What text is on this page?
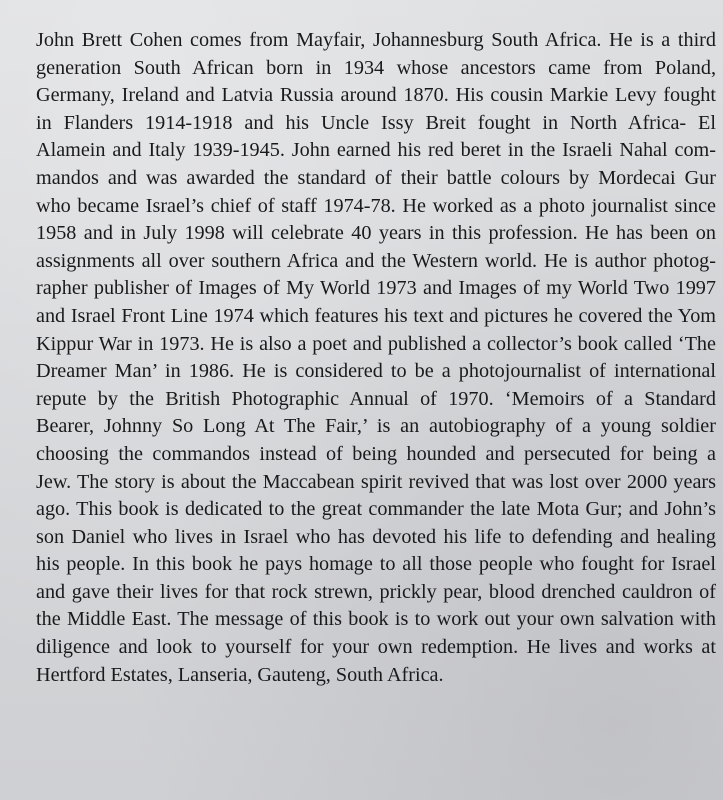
John Brett Cohen comes from Mayfair, Johannesburg South Africa. He is a third
generation South African born in 1934 whose ancestors came from Poland,
Germany, Ireland and Latvia Russia around 1870. His cousin Markie Levy fought
in Flanders 1914-1918 and his Uncle Issy Breit fought in North Africa- El
Alamein and Italy 1939-1945. John earned his red beret in the Israeli Nahal com-
mandos and was awarded the standard of their battle colours by Mordecai Gur
who became Israel’s chief of staff 1974-78. He worked as a photo journalist since
1958 and in July 1998 will celebrate 40 years in this profession. He has been on
assignments all over southern Africa and the Western world. He is author photog-
rapher publisher of Images of My World 1973 and Images of my World Two 1997
and Israel Front Line 1974 which features his text and pictures he covered the Yom
Kippur War in 1973. He is also a poet and published a collector’s book called ‘The
Dreamer Man’ in 1986. He is considered to be a photojournalist of international
repute by the British Photographic Annual of 1970. ‘Memoirs of a Standard
Bearer, Johnny So Long At The Fair,’ is an autobiography of a young soldier
choosing the commandos instead of being hounded and persecuted for being a
Jew. The story is about the Maccabean spirit revived that was lost over 2000 years
ago. This book is dedicated to the great commander the late Mota Gur; and John’s
son Daniel who lives in Israel who has devoted his life to defending and healing
his people. In this book he pays homage to all those people who fought for Israel
and gave their lives for that rock strewn, prickly pear, blood drenched cauldron of
the Middle East. The message of this book is to work out your own salvation with
diligence and look to yourself for your own redemption. He lives and works at
Hertford Estates, Lanseria, Gauteng, South Africa.
